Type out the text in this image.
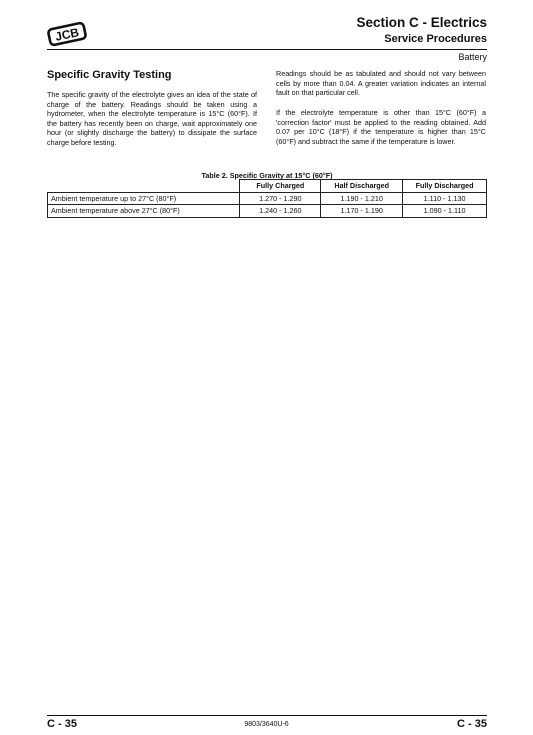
JCB
Section C - Electrics
Service Procedures
Battery
Specific Gravity Testing

The specific gravity of the electrolyte gives an idea of the state of charge of the battery. Readings should be taken using a hydrometer, when the electrolyte temperature is 15°C (60°F). If the battery has recently been on charge, wait approximately one hour (or slightly discharge the battery) to dissipate the surface charge before testing.

Readings should be as tabulated and should not vary between cells by more than 0.04. A greater variation indicates an internal fault on that particular cell.

If the electrolyte temperature is other than 15°C (60°F) a 'correction factor' must be applied to the reading obtained. Add 0.07 per 10°C (18°F) if the temperature is higher than 15°C (60°F) and subtract the same if the temperature is lower.

Table 2. Specific Gravity at 15°C (60°F)
	Fully Charged	Half Discharged	Fully Discharged
Ambient temperature up to 27°C (80°F)	1.270 - 1.290	1.190 - 1.210	1.110 - 1.130
Ambient temperature above 27°C (80°F)	1.240 - 1.260	1.170 - 1.190	1.090 - 1.110
C - 35	9803/3640U-6	C - 35
